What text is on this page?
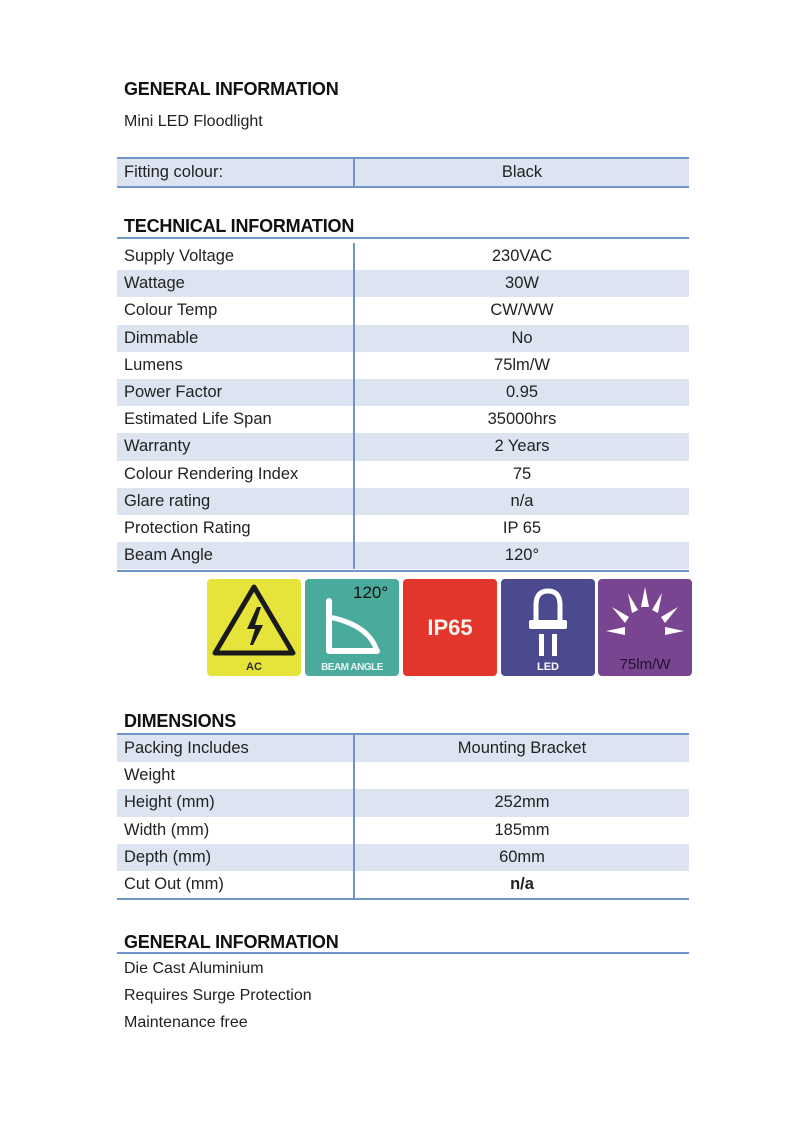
GENERAL INFORMATION
Mini LED Floodlight
Fitting colour:	Black
TECHNICAL INFORMATION
Supply Voltage	230VAC
Wattage	30W
Colour Temp	CW/WW
Dimmable	No
Lumens	75lm/W
Power Factor	0.95
Estimated Life Span	35000hrs
Warranty	2 Years
Colour Rendering Index	75
Glare rating	n/a
Protection Rating	IP 65
Beam Angle	120°
AC
120°
BEAM ANGLE
IP65
LED	75lm/W
DIMENSIONS
Packing Includes	Mounting Bracket
Weight	
Height (mm)	252mm
Width (mm)	185mm
Depth (mm)	60mm
Cut Out (mm)	n/a
GENERAL INFORMATION
Die Cast Aluminium
Requires Surge Protection
Maintenance free
